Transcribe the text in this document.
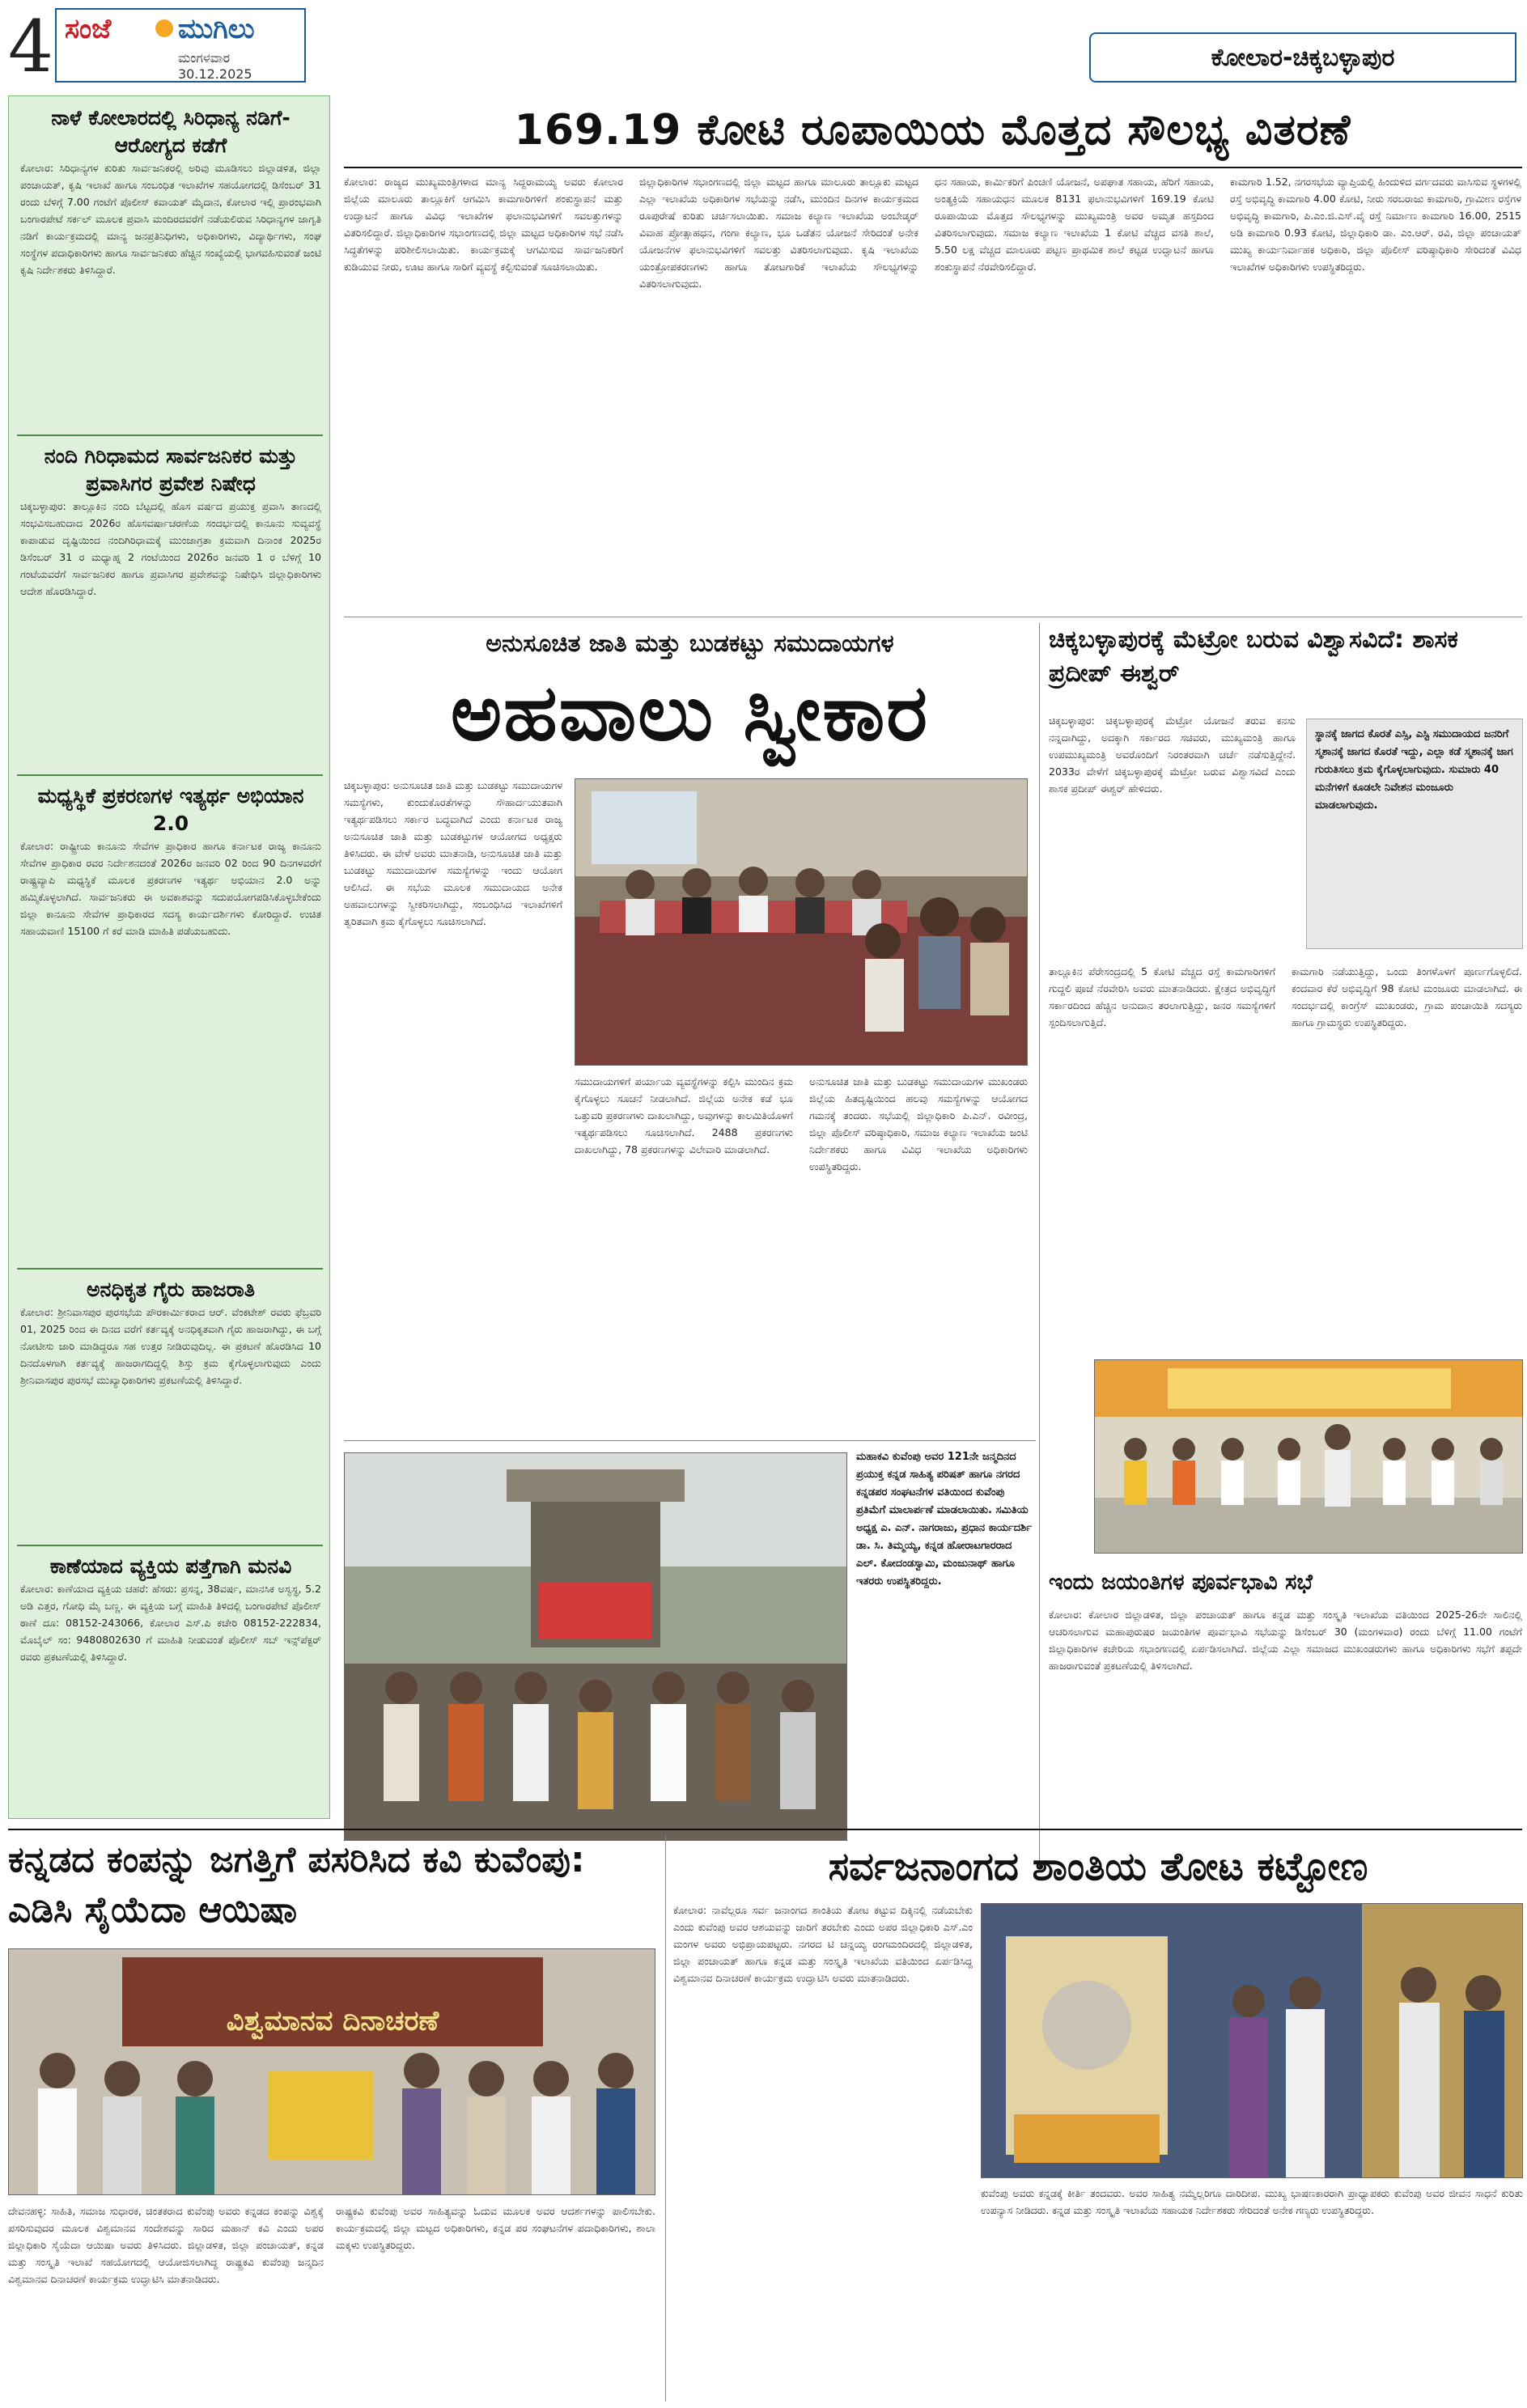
4 ಸಂಜೆ ಮುಗಿಲು
ಮಂಗಳವಾರ
30.12.2025
ಕೋಲಾರ-ಚಿಕ್ಕಬಳ್ಳಾಪುರ
ನಾಳೆ ಕೋಲಾರದಲ್ಲಿ ಸಿರಿಧಾನ್ಯ ನಡಿಗೆ-ಆರೋಗ್ಯದ ಕಡೆಗೆ
ಕೋಲಾರ: ಸಿರಿಧಾನ್ಯಗಳ ಕುರಿತು ಸಾರ್ವಜನಿಕರಲ್ಲಿ ಅರಿವು ಮೂಡಿಸಲು ಜಿಲ್ಲಾಡಳಿತ, ಜಿಲ್ಲಾ ಪಂಚಾಯತ್, ಕೃಷಿ ಇಲಾಖೆ ಹಾಗೂ ಸಂಬಂಧಿತ ಇಲಾಖೆಗಳ ಸಹಯೋಗದಲ್ಲಿ ಡಿಸೆಂಬರ್ 31 ರಂದು ಬೆಳಿಗ್ಗೆ 7.00 ಗಂಟೆಗೆ ಪೊಲೀಸ್ ಕವಾಯತ್ ಮೈದಾನ, ಕೋಲಾರ ಇಲ್ಲಿ ಪ್ರಾರಂಭವಾಗಿ ಬಂಗಾರಪೇಟೆ ಸರ್ಕಲ್ ಮೂಲಕ ಪ್ರವಾಸಿ ಮಂದಿರದವರೆಗೆ ನಡೆಯಲಿರುವ ಸಿರಿಧಾನ್ಯಗಳ ಜಾಗೃತಿ ನಡಿಗೆ ಕಾರ್ಯಕ್ರಮದಲ್ಲಿ ಮಾನ್ಯ ಜನಪ್ರತಿನಿಧಿಗಳು, ಅಧಿಕಾರಿಗಳು, ವಿದ್ಯಾರ್ಥಿಗಳು, ಸಂಘ ಸಂಸ್ಥೆಗಳ ಪದಾಧಿಕಾರಿಗಳು ಹಾಗೂ ಸಾರ್ವಜನಿಕರು ಹೆಚ್ಚಿನ ಸಂಖ್ಯೆಯಲ್ಲಿ ಭಾಗವಹಿಸುವಂತೆ ಜಂಟಿ ಕೃಷಿ ನಿರ್ದೇಶಕರು ತಿಳಿಸಿದ್ದಾರೆ.
ನಂದಿ ಗಿರಿಧಾಮದ ಸಾರ್ವಜನಿಕರ ಮತ್ತು ಪ್ರವಾಸಿಗರ ಪ್ರವೇಶ ನಿಷೇಧ
ಚಿಕ್ಕಬಳ್ಳಾಪುರ: ತಾಲ್ಲೂಕಿನ ನಂದಿ ಬೆಟ್ಟದಲ್ಲಿ ಹೊಸ ವರ್ಷದ ಪ್ರಯುಕ್ತ ಪ್ರವಾಸಿ ತಾಣದಲ್ಲಿ ಸಂಭವಿಸಬಹುದಾದ 2026ರ ಹೊಸವರ್ಷಾಚರಣೆಯ ಸಂದರ್ಭದಲ್ಲಿ ಕಾನೂನು ಸುವ್ಯವಸ್ಥೆ ಕಾಪಾಡುವ ದೃಷ್ಟಿಯಿಂದ ನಂದಿಗಿರಿಧಾಮಕ್ಕೆ ಮುಂಜಾಗ್ರತಾ ಕ್ರಮವಾಗಿ ದಿನಾಂಕ 2025ರ ಡಿಸೆಂಬರ್ 31 ರ ಮಧ್ಯಾಹ್ನ 2 ಗಂಟೆಯಿಂದ 2026ರ ಜನವರಿ 1 ರ ಬೆಳಿಗ್ಗೆ 10 ಗಂಟೆಯವರೆಗೆ ಸಾರ್ವಜನಿಕರ ಹಾಗೂ ಪ್ರವಾಸಿಗರ ಪ್ರವೇಶವನ್ನು ನಿಷೇಧಿಸಿ ಜಿಲ್ಲಾಧಿಕಾರಿಗಳು ಆದೇಶ ಹೊರಡಿಸಿದ್ದಾರೆ.
ಮಧ್ಯಸ್ಥಿಕೆ ಪ್ರಕರಣಗಳ ಇತ್ಯರ್ಥ ಅಭಿಯಾನ 2.0
ಕೋಲಾರ: ರಾಷ್ಟ್ರೀಯ ಕಾನೂನು ಸೇವೆಗಳ ಪ್ರಾಧಿಕಾರ ಹಾಗೂ ಕರ್ನಾಟಕ ರಾಜ್ಯ ಕಾನೂನು ಸೇವೆಗಳ ಪ್ರಾಧಿಕಾರ ರವರ ನಿರ್ದೇಶನದಂತೆ 2026ರ ಜನವರಿ 02 ರಿಂದ 90 ದಿನಗಳವರೆಗೆ ರಾಷ್ಟ್ರವ್ಯಾಪಿ ಮಧ್ಯಸ್ಥಿಕೆ ಮೂಲಕ ಪ್ರಕರಣಗಳ ಇತ್ಯರ್ಥ ಅಭಿಯಾನ 2.0 ಅನ್ನು ಹಮ್ಮಿಕೊಳ್ಳಲಾಗಿದೆ. ಸಾರ್ವಜನಿಕರು ಈ ಅವಕಾಶವನ್ನು ಸದುಪಯೋಗಪಡಿಸಿಕೊಳ್ಳಬೇಕೆಂದು ಜಿಲ್ಲಾ ಕಾನೂನು ಸೇವೆಗಳ ಪ್ರಾಧಿಕಾರದ ಸದಸ್ಯ ಕಾರ್ಯದರ್ಶಿಗಳು ಕೋರಿದ್ದಾರೆ. ಉಚಿತ ಸಹಾಯವಾಣಿ 15100 ಗೆ ಕರೆ ಮಾಡಿ ಮಾಹಿತಿ ಪಡೆಯಬಹುದು.
ಅನಧಿಕೃತ ಗೈರು ಹಾಜರಾತಿ
ಕೋಲಾರ: ಶ್ರೀನಿವಾಸಪುರ ಪುರಸಭೆಯ ಪೌರಕಾರ್ಮಿಕರಾದ ಆರ್. ವೆಂಕಟೇಶ್ ರವರು ಫೆಬ್ರವರಿ 01, 2025 ರಿಂದ ಈ ದಿನದ ವರೆಗೆ ಕರ್ತವ್ಯಕ್ಕೆ ಅನಧಿಕೃತವಾಗಿ ಗೈರು ಹಾಜರಾಗಿದ್ದು, ಈ ಬಗ್ಗೆ ನೋಟೀಸು ಜಾರಿ ಮಾಡಿದ್ದರೂ ಸಹ ಉತ್ತರ ನೀಡಿರುವುದಿಲ್ಲ. ಈ ಪ್ರಕಟಣೆ ಹೊರಡಿಸಿದ 10 ದಿನದೊಳಗಾಗಿ ಕರ್ತವ್ಯಕ್ಕೆ ಹಾಜರಾಗದಿದ್ದಲ್ಲಿ ಶಿಸ್ತು ಕ್ರಮ ಕೈಗೊಳ್ಳಲಾಗುವುದು ಎಂದು ಶ್ರೀನಿವಾಸಪುರ ಪುರಸಭೆ ಮುಖ್ಯಾಧಿಕಾರಿಗಳು ಪ್ರಕಟಣೆಯಲ್ಲಿ ತಿಳಿಸಿದ್ದಾರೆ.
ಕಾಣೆಯಾದ ವ್ಯಕ್ತಿಯ ಪತ್ತೆಗಾಗಿ ಮನವಿ
ಕೋಲಾರ: ಕಾಣೆಯಾದ ವ್ಯಕ್ತಿಯ ಚಹರೆ: ಹೆಸರು: ಪ್ರಸನ್ನ, 38ವರ್ಷ, ಮಾನಸಿಕ ಅಸ್ವಸ್ಥ, 5.2 ಅಡಿ ಎತ್ತರ, ಗೋಧಿ ಮೈ ಬಣ್ಣ. ಈ ವ್ಯಕ್ತಿಯ ಬಗ್ಗೆ ಮಾಹಿತಿ ತಿಳಿದಲ್ಲಿ ಬಂಗಾರಪೇಟೆ ಪೊಲೀಸ್ ಠಾಣೆ ದೂ: 08152-243066, ಕೋಲಾರ ಎಸ್.ಪಿ ಕಚೇರಿ 08152-222834, ಮೊಬೈಲ್ ಸಂ: 9480802630 ಗೆ ಮಾಹಿತಿ ನೀಡುವಂತೆ ಪೊಲೀಸ್ ಸಬ್ ಇನ್ಸ್‌ಪೆಕ್ಟರ್ ರವರು ಪ್ರಕಟಣೆಯಲ್ಲಿ ತಿಳಿಸಿದ್ದಾರೆ.
169.19 ಕೋಟಿ ರೂಪಾಯಿಯ ಮೊತ್ತದ ಸೌಲಭ್ಯ ವಿತರಣೆ
ಕೋಲಾರ: ರಾಜ್ಯದ ಮುಖ್ಯಮಂತ್ರಿಗಳಾದ ಮಾನ್ಯ ಸಿದ್ದರಾಮಯ್ಯ ಅವರು ಕೋಲಾರ ಜಿಲ್ಲೆಯ ಮಾಲೂರು ತಾಲ್ಲೂಕಿಗೆ ಆಗಮಿಸಿ ಕಾಮಗಾರಿಗಳಿಗೆ ಶಂಕುಸ್ಥಾಪನೆ ಮತ್ತು ಉದ್ಘಾಟನೆ ಹಾಗೂ ವಿವಿಧ ಇಲಾಖೆಗಳ ಫಲಾನುಭವಿಗಳಿಗೆ ಸವಲತ್ತುಗಳನ್ನು ವಿತರಿಸಲಿದ್ದಾರೆ. ಜಿಲ್ಲಾಧಿಕಾರಿಗಳ ಸಭಾಂಗಣದಲ್ಲಿ ಜಿಲ್ಲಾ ಮಟ್ಟದ ಅಧಿಕಾರಿಗಳ ಸಭೆ ನಡೆಸಿ ಸಿದ್ಧತೆಗಳನ್ನು ಪರಿಶೀಲಿಸಲಾಯಿತು. ಕಾರ್ಯಕ್ರಮಕ್ಕೆ ಆಗಮಿಸುವ ಸಾರ್ವಜನಿಕರಿಗೆ ಕುಡಿಯುವ ನೀರು, ಊಟ ಹಾಗೂ ಸಾರಿಗೆ ವ್ಯವಸ್ಥೆ ಕಲ್ಪಿಸುವಂತೆ ಸೂಚಿಸಲಾಯಿತು.
ಜಿಲ್ಲಾಧಿಕಾರಿಗಳ ಸಭಾಂಗಣದಲ್ಲಿ ಜಿಲ್ಲಾ ಮಟ್ಟದ ಹಾಗೂ ಮಾಲೂರು ತಾಲ್ಲೂಕು ಮಟ್ಟದ ಎಲ್ಲಾ ಇಲಾಖೆಯ ಅಧಿಕಾರಿಗಳ ಸಭೆಯನ್ನು ನಡೆಸಿ, ಮುಂದಿನ ದಿನಗಳ ಕಾರ್ಯಕ್ರಮದ ರೂಪುರೇಷೆ ಕುರಿತು ಚರ್ಚಿಸಲಾಯಿತು. ಸಮಾಜ ಕಲ್ಯಾಣ ಇಲಾಖೆಯ ಅಂಬೇಡ್ಕರ್ ವಿವಾಹ ಪ್ರೋತ್ಸಾಹಧನ, ಗಂಗಾ ಕಲ್ಯಾಣ, ಭೂ ಒಡೆತನ ಯೋಜನೆ ಸೇರಿದಂತೆ ಅನೇಕ ಯೋಜನೆಗಳ ಫಲಾನುಭವಿಗಳಿಗೆ ಸವಲತ್ತು ವಿತರಿಸಲಾಗುವುದು. ಕೃಷಿ ಇಲಾಖೆಯ ಯಂತ್ರೋಪಕರಣಗಳು ಹಾಗೂ ತೋಟಗಾರಿಕೆ ಇಲಾಖೆಯ ಸೌಲಭ್ಯಗಳನ್ನು ವಿತರಿಸಲಾಗುವುದು.
ಧನ ಸಹಾಯ, ಕಾರ್ಮಿಕರಿಗೆ ಪಿಂಚಣಿ ಯೋಜನೆ, ಅಪಘಾತ ಸಹಾಯ, ಹೆರಿಗೆ ಸಹಾಯ, ಅಂತ್ಯಕ್ರಿಯೆ ಸಹಾಯಧನ ಮೂಲಕ 8131 ಫಲಾನುಭವಿಗಳಿಗೆ 169.19 ಕೋಟಿ ರೂಪಾಯಿಯ ಮೊತ್ತದ ಸೌಲಭ್ಯಗಳನ್ನು ಮುಖ್ಯಮಂತ್ರಿ ಅವರ ಅಮೃತ ಹಸ್ತದಿಂದ ವಿತರಿಸಲಾಗುವುದು. ಸಮಾಜ ಕಲ್ಯಾಣ ಇಲಾಖೆಯ 1 ಕೋಟಿ ವೆಚ್ಚದ ವಸತಿ ಶಾಲೆ, 5.50 ಲಕ್ಷ ವೆಚ್ಚದ ಮಾಲೂರು ಪಟ್ಟಣ ಪ್ರಾಥಮಿಕ ಶಾಲೆ ಕಟ್ಟಡ ಉದ್ಘಾಟನೆ ಹಾಗೂ ಶಂಕುಸ್ಥಾಪನೆ ನೆರವೇರಿಸಲಿದ್ದಾರೆ.
ಕಾಮಗಾರಿ 1.52, ನಗರಸಭೆಯ ವ್ಯಾಪ್ತಿಯಲ್ಲಿ ಹಿಂದುಳಿದ ವರ್ಗದವರು ವಾಸಿಸುವ ಸ್ಥಳಗಳಲ್ಲಿ ರಸ್ತೆ ಅಭಿವೃದ್ಧಿ ಕಾಮಗಾರಿ 4.00 ಕೋಟಿ, ನೀರು ಸರಬರಾಜು ಕಾಮಗಾರಿ, ಗ್ರಾಮೀಣ ರಸ್ತೆಗಳ ಅಭಿವೃದ್ಧಿ ಕಾಮಗಾರಿ, ಪಿ.ಎಂ.ಜಿ.ಎಸ್.ವೈ ರಸ್ತೆ ನಿರ್ಮಾಣ ಕಾಮಗಾರಿ 16.00, 2515 ಅಡಿ ಕಾಮಗಾರಿ 0.93 ಕೋಟಿ, ಜಿಲ್ಲಾಧಿಕಾರಿ ಡಾ. ಎಂ.ಆರ್. ರವಿ, ಜಿಲ್ಲಾ ಪಂಚಾಯತ್ ಮುಖ್ಯ ಕಾರ್ಯನಿರ್ವಾಹಕ ಅಧಿಕಾರಿ, ಜಿಲ್ಲಾ ಪೊಲೀಸ್ ವರಿಷ್ಠಾಧಿಕಾರಿ ಸೇರಿದಂತೆ ವಿವಿಧ ಇಲಾಖೆಗಳ ಅಧಿಕಾರಿಗಳು ಉಪಸ್ಥಿತರಿದ್ದರು.
ಅನುಸೂಚಿತ ಜಾತಿ ಮತ್ತು ಬುಡಕಟ್ಟು ಸಮುದಾಯಗಳ
ಅಹವಾಲು ಸ್ವೀಕಾರ
ಚಿಕ್ಕಬಳ್ಳಾಪುರ: ಅನುಸೂಚಿತ ಜಾತಿ ಮತ್ತು ಬುಡಕಟ್ಟು ಸಮುದಾಯಗಳ ಸಮಸ್ಯೆಗಳು, ಕುಂದುಕೊರತೆಗಳನ್ನು ಸೌಹಾರ್ದಯುತವಾಗಿ ಇತ್ಯರ್ಥಪಡಿಸಲು ಸರ್ಕಾರ ಬದ್ಧವಾಗಿದೆ ಎಂದು ಕರ್ನಾಟಕ ರಾಜ್ಯ ಅನುಸೂಚಿತ ಜಾತಿ ಮತ್ತು ಬುಡಕಟ್ಟುಗಳ ಆಯೋಗದ ಅಧ್ಯಕ್ಷರು ತಿಳಿಸಿದರು. ಈ ವೇಳೆ ಅವರು ಮಾತನಾಡಿ, ಅನುಸೂಚಿತ ಜಾತಿ ಮತ್ತು ಬುಡಕಟ್ಟು ಸಮುದಾಯಗಳ ಸಮಸ್ಯೆಗಳನ್ನು ಇಂದು ಆಯೋಗ ಆಲಿಸಿದೆ. ಈ ಸಭೆಯ ಮೂಲಕ ಸಮುದಾಯದ ಅನೇಕ ಅಹವಾಲುಗಳನ್ನು ಸ್ವೀಕರಿಸಲಾಗಿದ್ದು, ಸಂಬಂಧಿಸಿದ ಇಲಾಖೆಗಳಿಗೆ ತ್ವರಿತವಾಗಿ ಕ್ರಮ ಕೈಗೊಳ್ಳಲು ಸೂಚಿಸಲಾಗಿದೆ.
ಸಮುದಾಯಗಳಿಗೆ ಪರ್ಯಾಯ ವ್ಯವಸ್ಥೆಗಳನ್ನು ಕಲ್ಪಿಸಿ ಮುಂದಿನ ಕ್ರಮ ಕೈಗೊಳ್ಳಲು ಸೂಚನೆ ನೀಡಲಾಗಿದೆ. ಜಿಲ್ಲೆಯ ಅನೇಕ ಕಡೆ ಭೂ ಒತ್ತುವರಿ ಪ್ರಕರಣಗಳು ದಾಖಲಾಗಿದ್ದು, ಅವುಗಳನ್ನು ಕಾಲಮಿತಿಯೊಳಗೆ ಇತ್ಯರ್ಥಪಡಿಸಲು ಸೂಚಿಸಲಾಗಿದೆ. 2488 ಪ್ರಕರಣಗಳು ದಾಖಲಾಗಿದ್ದು, 78 ಪ್ರಕರಣಗಳನ್ನು ವಿಲೇವಾರಿ ಮಾಡಲಾಗಿದೆ.
ಅನುಸೂಚಿತ ಜಾತಿ ಮತ್ತು ಬುಡಕಟ್ಟು ಸಮುದಾಯಗಳ ಮುಖಂಡರು ಜಿಲ್ಲೆಯ ಹಿತದೃಷ್ಟಿಯಿಂದ ಹಲವು ಸಮಸ್ಯೆಗಳನ್ನು ಆಯೋಗದ ಗಮನಕ್ಕೆ ತಂದರು. ಸಭೆಯಲ್ಲಿ ಜಿಲ್ಲಾಧಿಕಾರಿ ಪಿ.ಎನ್. ರವೀಂದ್ರ, ಜಿಲ್ಲಾ ಪೊಲೀಸ್ ವರಿಷ್ಠಾಧಿಕಾರಿ, ಸಮಾಜ ಕಲ್ಯಾಣ ಇಲಾಖೆಯ ಜಂಟಿ ನಿರ್ದೇಶಕರು ಹಾಗೂ ವಿವಿಧ ಇಲಾಖೆಯ ಅಧಿಕಾರಿಗಳು ಉಪಸ್ಥಿತರಿದ್ದರು.
ಚಿಕ್ಕಬಳ್ಳಾಪುರಕ್ಕೆ ಮೆಟ್ರೋ ಬರುವ ವಿಶ್ವಾಸವಿದೆ: ಶಾಸಕ ಪ್ರದೀಪ್ ಈಶ್ವರ್
ಚಿಕ್ಕಬಳ್ಳಾಪುರ: ಚಿಕ್ಕಬಳ್ಳಾಪುರಕ್ಕೆ ಮೆಟ್ರೋ ಯೋಜನೆ ತರುವ ಕನಸು ನನ್ನದಾಗಿದ್ದು, ಅದಕ್ಕಾಗಿ ಸರ್ಕಾರದ ಸಚಿವರು, ಮುಖ್ಯಮಂತ್ರಿ ಹಾಗೂ ಉಪಮುಖ್ಯಮಂತ್ರಿ ಅವರೊಂದಿಗೆ ನಿರಂತರವಾಗಿ ಚರ್ಚೆ ನಡೆಸುತ್ತಿದ್ದೇನೆ. 2033ರ ವೇಳೆಗೆ ಚಿಕ್ಕಬಳ್ಳಾಪುರಕ್ಕೆ ಮೆಟ್ರೋ ಬರುವ ವಿಶ್ವಾಸವಿದೆ ಎಂದು ಶಾಸಕ ಪ್ರದೀಪ್ ಈಶ್ವರ್ ಹೇಳಿದರು.
ಸ್ಥಾನಕ್ಕೆ ಜಾಗದ ಕೊರತೆ ಎಸ್ಸಿ, ಎಸ್ಟಿ ಸಮುದಾಯದ ಜನರಿಗೆ ಸ್ಮಶಾನಕ್ಕೆ ಜಾಗದ ಕೊರತೆ ಇದ್ದು, ಎಲ್ಲಾ ಕಡೆ ಸ್ಮಶಾನಕ್ಕೆ ಜಾಗ ಗುರುತಿಸಲು ಕ್ರಮ ಕೈಗೊಳ್ಳಲಾಗುವುದು. ಸುಮಾರು 40 ಮನೆಗಳಿಗೆ ಕೂಡಲೇ ನಿವೇಶನ ಮಂಜೂರು ಮಾಡಲಾಗುವುದು.
ತಾಲ್ಲೂಕಿನ ಪೆರೇಸಂದ್ರದಲ್ಲಿ 5 ಕೋಟಿ ವೆಚ್ಚದ ರಸ್ತೆ ಕಾಮಗಾರಿಗಳಿಗೆ ಗುದ್ದಲಿ ಪೂಜೆ ನೆರವೇರಿಸಿ ಅವರು ಮಾತನಾಡಿದರು. ಕ್ಷೇತ್ರದ ಅಭಿವೃದ್ಧಿಗೆ ಸರ್ಕಾರದಿಂದ ಹೆಚ್ಚಿನ ಅನುದಾನ ತರಲಾಗುತ್ತಿದ್ದು, ಜನರ ಸಮಸ್ಯೆಗಳಿಗೆ ಸ್ಪಂದಿಸಲಾಗುತ್ತಿದೆ.
ಕಾಮಗಾರಿ ನಡೆಯುತ್ತಿದ್ದು, ಒಂದು ತಿಂಗಳೊಳಗೆ ಪೂರ್ಣಗೊಳ್ಳಲಿದೆ. ಕಂದವಾರ ಕೆರೆ ಅಭಿವೃದ್ಧಿಗೆ 98 ಕೋಟಿ ಮಂಜೂರು ಮಾಡಲಾಗಿದೆ. ಈ ಸಂದರ್ಭದಲ್ಲಿ ಕಾಂಗ್ರೆಸ್ ಮುಖಂಡರು, ಗ್ರಾಮ ಪಂಚಾಯಿತಿ ಸದಸ್ಯರು ಹಾಗೂ ಗ್ರಾಮಸ್ಥರು ಉಪಸ್ಥಿತರಿದ್ದರು.
ಮಹಾಕವಿ ಕುವೆಂಪು ಅವರ 121ನೇ ಜನ್ಮದಿನದ ಪ್ರಯುಕ್ತ ಕನ್ನಡ ಸಾಹಿತ್ಯ ಪರಿಷತ್ ಹಾಗೂ ನಗರದ ಕನ್ನಡಪರ ಸಂಘಟನೆಗಳ ವತಿಯಿಂದ ಕುವೆಂಪು ಪ್ರತಿಮೆಗೆ ಮಾಲಾರ್ಪಣೆ ಮಾಡಲಾಯಿತು. ಸಮಿತಿಯ ಅಧ್ಯಕ್ಷ ಎ. ಎನ್. ನಾಗರಾಜು, ಪ್ರಧಾನ ಕಾರ್ಯದರ್ಶಿ ಡಾ. ಸಿ. ತಿಮ್ಮಯ್ಯ, ಕನ್ನಡ ಹೋರಾಟಗಾರರಾದ ಎಲ್. ಕೋದಂಡಸ್ವಾಮಿ, ಮಂಜುನಾಥ್ ಹಾಗೂ ಇತರರು ಉಪಸ್ಥಿತರಿದ್ದರು.	ಇಂದು ಜಯಂತಿಗಳ ಪೂರ್ವಭಾವಿ ಸಭೆ
ಕೋಲಾರ: ಕೋಲಾರ ಜಿಲ್ಲಾಡಳಿತ, ಜಿಲ್ಲಾ ಪಂಚಾಯತ್ ಹಾಗೂ ಕನ್ನಡ ಮತ್ತು ಸಂಸ್ಕೃತಿ ಇಲಾಖೆಯ ವತಿಯಿಂದ 2025-26ನೇ ಸಾಲಿನಲ್ಲಿ ಆಚರಿಸಲಾಗುವ ಮಹಾಪುರುಷರ ಜಯಂತಿಗಳ ಪೂರ್ವಭಾವಿ ಸಭೆಯನ್ನು ಡಿಸೆಂಬರ್ 30 (ಮಂಗಳವಾರ) ರಂದು ಬೆಳಿಗ್ಗೆ 11.00 ಗಂಟೆಗೆ ಜಿಲ್ಲಾಧಿಕಾರಿಗಳ ಕಚೇರಿಯ ಸಭಾಂಗಣದಲ್ಲಿ ಏರ್ಪಡಿಸಲಾಗಿದೆ. ಜಿಲ್ಲೆಯ ಎಲ್ಲಾ ಸಮಾಜದ ಮುಖಂಡರುಗಳು ಹಾಗೂ ಅಧಿಕಾರಿಗಳು ಸಭೆಗೆ ತಪ್ಪದೇ ಹಾಜರಾಗುವಂತೆ ಪ್ರಕಟಣೆಯಲ್ಲಿ ತಿಳಿಸಲಾಗಿದೆ.
ಕನ್ನಡದ ಕಂಪನ್ನು ಜಗತ್ತಿಗೆ ಪಸರಿಸಿದ ಕವಿ ಕುವೆಂಪು: ಎಡಿಸಿ ಸೈಯೆದಾ ಆಯಿಷಾ
ವಿಶ್ವಮಾನವ ದಿನಾಚರಣೆ
ದೇವನಹಳ್ಳಿ: ಸಾಹಿತಿ, ಸಮಾಜ ಸುಧಾರಕ, ಚಿಂತಕರಾದ ಕುವೆಂಪು ಅವರು ಕನ್ನಡದ ಕಂಪನ್ನು ವಿಶ್ವಕ್ಕೆ ಪಸರಿಸುವುದರ ಮೂಲಕ ವಿಶ್ವಮಾನವ ಸಂದೇಶವನ್ನು ಸಾರಿದ ಮಹಾನ್ ಕವಿ ಎಂದು ಅಪರ ಜಿಲ್ಲಾಧಿಕಾರಿ ಸೈಯೆದಾ ಆಯಿಷಾ ಅವರು ತಿಳಿಸಿದರು. ಜಿಲ್ಲಾಡಳಿತ, ಜಿಲ್ಲಾ ಪಂಚಾಯತ್, ಕನ್ನಡ ಮತ್ತು ಸಂಸ್ಕೃತಿ ಇಲಾಖೆ ಸಹಯೋಗದಲ್ಲಿ ಆಯೋಜಿಸಲಾಗಿದ್ದ ರಾಷ್ಟ್ರಕವಿ ಕುವೆಂಪು ಜನ್ಮದಿನ ವಿಶ್ವಮಾನವ ದಿನಾಚರಣೆ ಕಾರ್ಯಕ್ರಮ ಉದ್ಘಾಟಿಸಿ ಮಾತನಾಡಿದರು.
ರಾಷ್ಟ್ರಕವಿ ಕುವೆಂಪು ಅವರ ಸಾಹಿತ್ಯವನ್ನು ಓದುವ ಮೂಲಕ ಅವರ ಆದರ್ಶಗಳನ್ನು ಪಾಲಿಸಬೇಕು. ಕಾರ್ಯಕ್ರಮದಲ್ಲಿ ಜಿಲ್ಲಾ ಮಟ್ಟದ ಅಧಿಕಾರಿಗಳು, ಕನ್ನಡ ಪರ ಸಂಘಟನೆಗಳ ಪದಾಧಿಕಾರಿಗಳು, ಶಾಲಾ ಮಕ್ಕಳು ಉಪಸ್ಥಿತರಿದ್ದರು.
ಸರ್ವಜನಾಂಗದ ಶಾಂತಿಯ ತೋಟ ಕಟ್ಟೋಣ
ಕೋಲಾರ: ನಾವೆಲ್ಲರೂ ಸರ್ವ ಜನಾಂಗದ ಶಾಂತಿಯ ತೋಟ ಕಟ್ಟುವ ದಿಕ್ಕಿನಲ್ಲಿ ನಡೆಯಬೇಕು ಎಂದು ಕುವೆಂಪು ಅವರ ಆಶಯವನ್ನು ಜಾರಿಗೆ ತರಬೇಕು ಎಂದು ಅಪರ ಜಿಲ್ಲಾಧಿಕಾರಿ ಎಸ್.ಎಂ ಮಂಗಳ ಅವರು ಅಭಿಪ್ರಾಯಪಟ್ಟರು. ನಗರದ ಟಿ ಚನ್ನಯ್ಯ ರಂಗಮಂದಿರದಲ್ಲಿ ಜಿಲ್ಲಾಡಳಿತ, ಜಿಲ್ಲಾ ಪಂಚಾಯತ್ ಹಾಗೂ ಕನ್ನಡ ಮತ್ತು ಸಂಸ್ಕೃತಿ ಇಲಾಖೆಯ ವತಿಯಿಂದ ಏರ್ಪಡಿಸಿದ್ದ ವಿಶ್ವಮಾನವ ದಿನಾಚರಣೆ ಕಾರ್ಯಕ್ರಮ ಉದ್ಘಾಟಿಸಿ ಅವರು ಮಾತನಾಡಿದರು.
ಕುವೆಂಪು ಅವರು ಕನ್ನಡಕ್ಕೆ ಕೀರ್ತಿ ತಂದವರು. ಅವರ ಸಾಹಿತ್ಯ ನಮ್ಮೆಲ್ಲರಿಗೂ ದಾರಿದೀಪ. ಮುಖ್ಯ ಭಾಷಣಕಾರರಾಗಿ ಪ್ರಾಧ್ಯಾಪಕರು ಕುವೆಂಪು ಅವರ ಜೀವನ ಸಾಧನೆ ಕುರಿತು ಉಪನ್ಯಾಸ ನೀಡಿದರು. ಕನ್ನಡ ಮತ್ತು ಸಂಸ್ಕೃತಿ ಇಲಾಖೆಯ ಸಹಾಯಕ ನಿರ್ದೇಶಕರು ಸೇರಿದಂತೆ ಅನೇಕ ಗಣ್ಯರು ಉಪಸ್ಥಿತರಿದ್ದರು.
